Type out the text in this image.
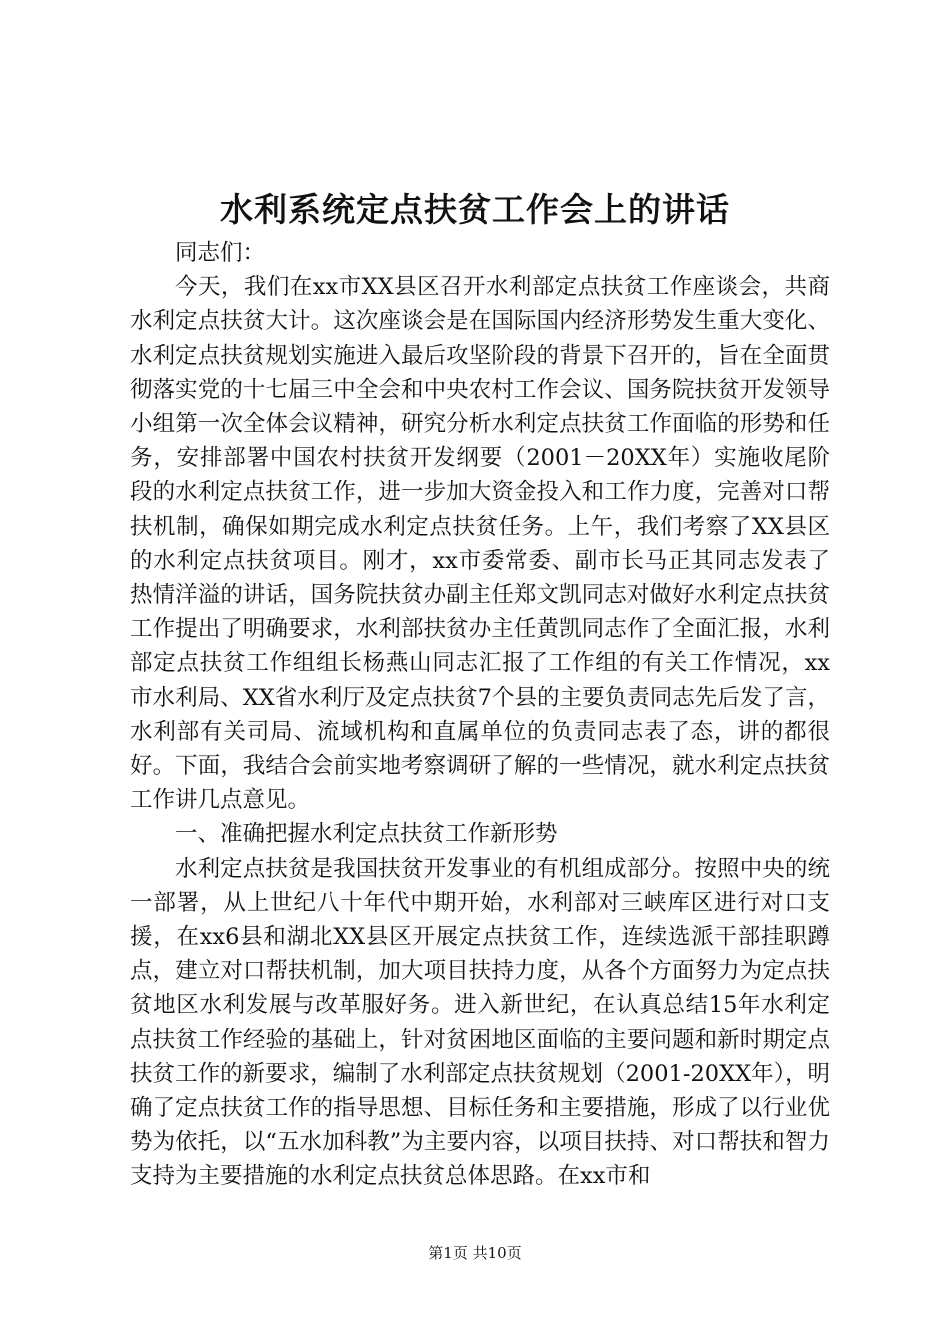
水利系统定点扶贫工作会上的讲话

同志们：

今天，我们在xx市XX县区召开水利部定点扶贫工作座谈会，共商水利定点扶贫大计。这次座谈会是在国际国内经济形势发生重大变化、水利定点扶贫规划实施进入最后攻坚阶段的背景下召开的，旨在全面贯彻落实党的十七届三中全会和中央农村工作会议、国务院扶贫开发领导小组第一次全体会议精神，研究分析水利定点扶贫工作面临的形势和任务，安排部署中国农村扶贫开发纲要（2001－20XX年）实施收尾阶段的水利定点扶贫工作，进一步加大资金投入和工作力度，完善对口帮扶机制，确保如期完成水利定点扶贫任务。上午，我们考察了XX县区的水利定点扶贫项目。刚才，xx市委常委、副市长马正其同志发表了热情洋溢的讲话，国务院扶贫办副主任郑文凯同志对做好水利定点扶贫工作提出了明确要求，水利部扶贫办主任黄凯同志作了全面汇报，水利部定点扶贫工作组组长杨燕山同志汇报了工作组的有关工作情况，xx市水利局、XX省水利厅及定点扶贫7个县的主要负责同志先后发了言，水利部有关司局、流域机构和直属单位的负责同志表了态，讲的都很好。下面，我结合会前实地考察调研了解的一些情况，就水利定点扶贫工作讲几点意见。

一、准确把握水利定点扶贫工作新形势

水利定点扶贫是我国扶贫开发事业的有机组成部分。按照中央的统一部署，从上世纪八十年代中期开始，水利部对三峡库区进行对口支援，在xx6县和湖北XX县区开展定点扶贫工作，连续选派干部挂职蹲点，建立对口帮扶机制，加大项目扶持力度，从各个方面努力为定点扶贫地区水利发展与改革服好务。进入新世纪，在认真总结15年水利定点扶贫工作经验的基础上，针对贫困地区面临的主要问题和新时期定点扶贫工作的新要求，编制了水利部定点扶贫规划（2001-20XX年），明确了定点扶贫工作的指导思想、目标任务和主要措施，形成了以行业优势为依托，以“五水加科教”为主要内容，以项目扶持、对口帮扶和智力支持为主要措施的水利定点扶贫总体思路。在xx市和

第1页 共10页
